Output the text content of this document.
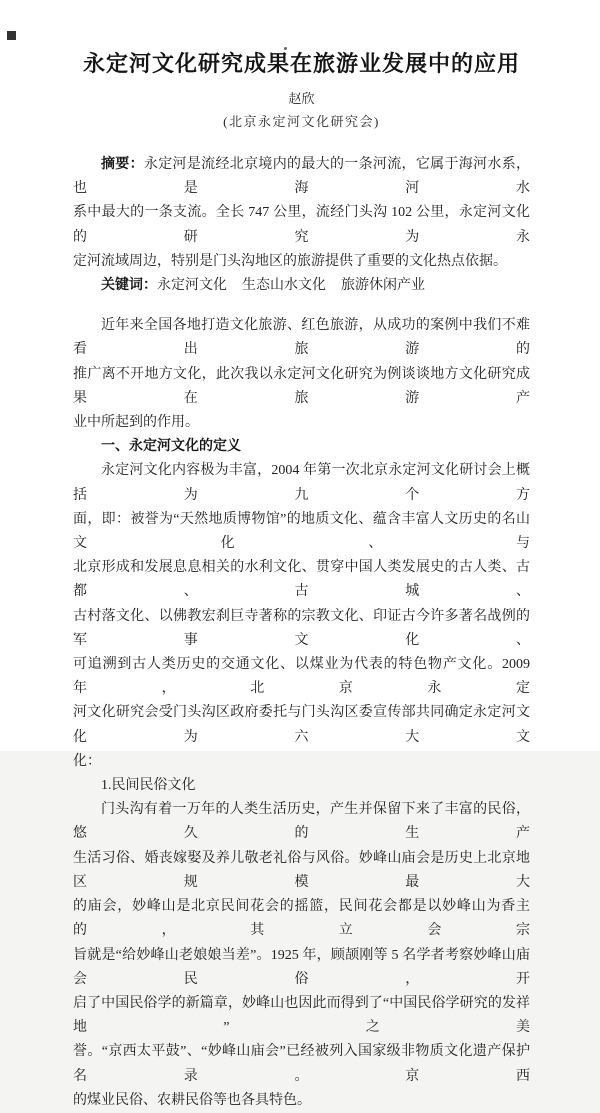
永定河文化研究成果在旅游业发展中的应用
赵欣
(北京永定河文化研究会)
摘要：永定河是流经北京境内的最大的一条河流，它属于海河水系，也是海河水
系中最大的一条支流。全长 747 公里，流经门头沟 102 公里，永定河文化的研究为永
定河流域周边，特别是门头沟地区的旅游提供了重要的文化热点依据。
关键词：永定河文化 生态山水文化 旅游休闲产业
近年来全国各地打造文化旅游、红色旅游，从成功的案例中我们不难看出旅游的
推广离不开地方文化，此次我以永定河文化研究为例谈谈地方文化研究成果在旅游产
业中所起到的作用。
一、永定河文化的定义
永定河文化内容极为丰富，2004 年第一次北京永定河文化研讨会上概括为九个方
面，即：被誉为“天然地质博物馆”的地质文化、蕴含丰富人文历史的名山文化、与
北京形成和发展息息相关的水利文化、贯穿中国人类发展史的古人类、古都、古城、
古村落文化、以佛教宏刹巨寺著称的宗教文化、印证古今许多著名战例的军事文化、
可追溯到古人类历史的交通文化、以煤业为代表的特色物产文化。2009 年，北京永定
河文化研究会受门头沟区政府委托与门头沟区委宣传部共同确定永定河文化为六大文
化：
1.民间民俗文化
门头沟有着一万年的人类生活历史，产生并保留下来了丰富的民俗，悠久的生产
生活习俗、婚丧嫁娶及养儿敬老礼俗与风俗。妙峰山庙会是历史上北京地区规模最大
的庙会，妙峰山是北京民间花会的摇篮，民间花会都是以妙峰山为香主的，其立会宗
旨就是“给妙峰山老娘娘当差”。1925 年，顾颉刚等 5 名学者考察妙峰山庙会民俗，开
启了中国民俗学的新篇章，妙峰山也因此而得到了“中国民俗学研究的发祥地”之美
誉。“京西太平鼓”、“妙峰山庙会”已经被列入国家级非物质文化遗产保护名录。京西
的煤业民俗、农耕民俗等也各具特色。
